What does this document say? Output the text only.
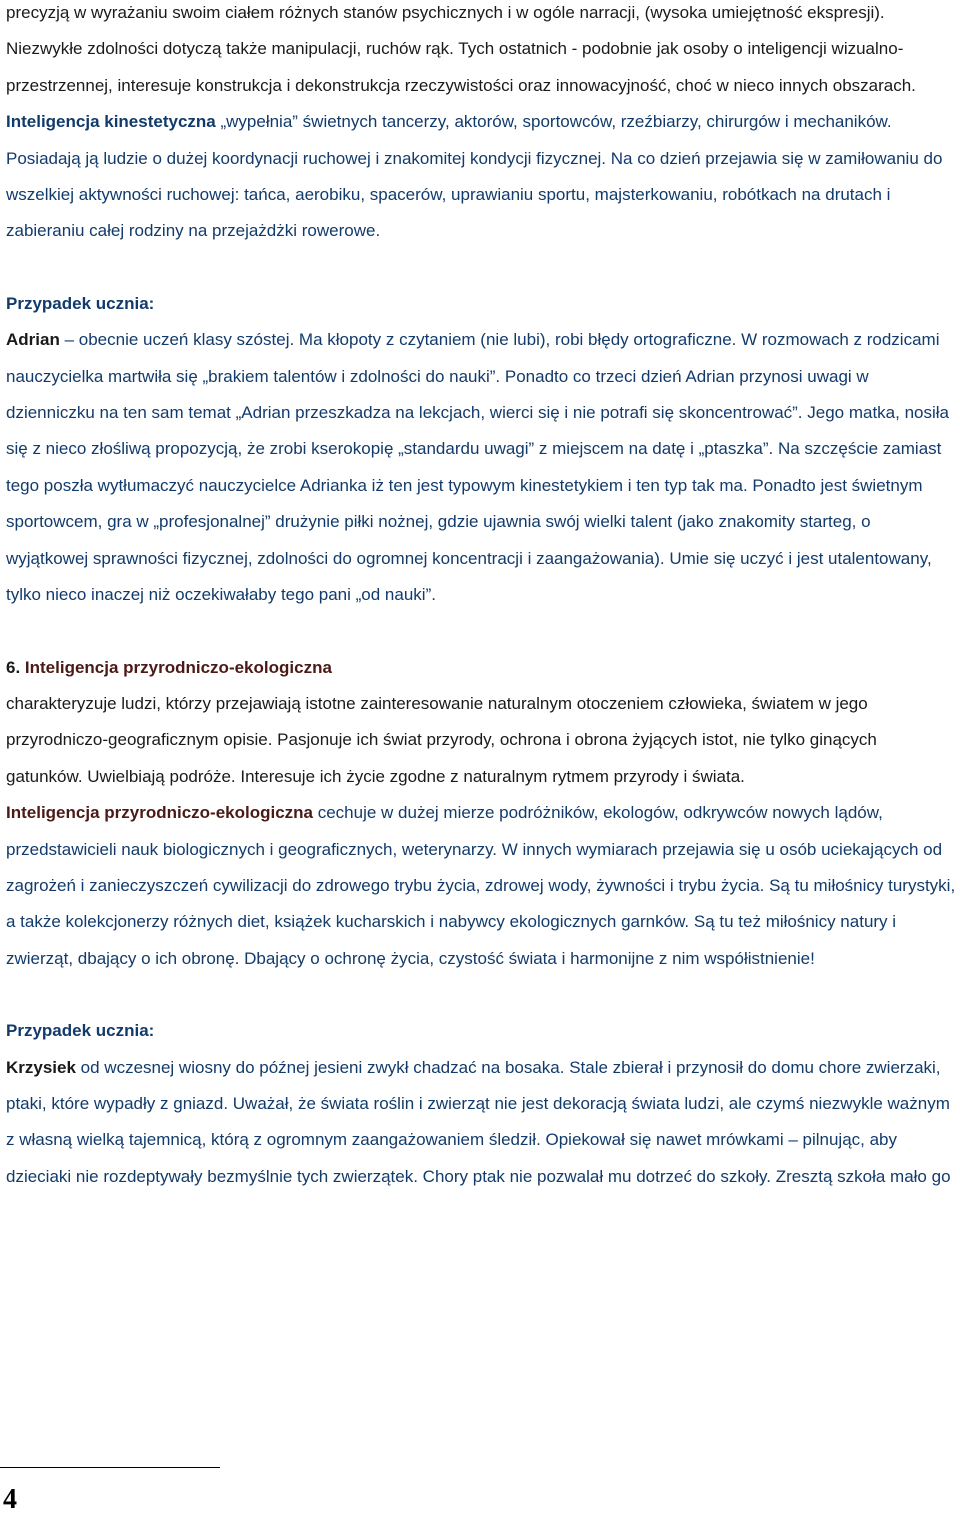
precyzją w wyrażaniu swoim ciałem różnych stanów psychicznych i w ogóle narracji, (wysoka umiejętność ekspresji). Niezwykłe zdolności dotyczą także manipulacji, ruchów rąk. Tych ostatnich - podobnie jak osoby o inteligencji wizualno-przestrzennej, interesuje konstrukcja i dekonstrukcja rzeczywistości oraz innowacyjność, choć w nieco innych obszarach.

Inteligencja kinestetyczna „wypełnia” świetnych tancerzy, aktorów, sportowców, rzeźbiarzy, chirurgów i mechaników. Posiadają ją ludzie o dużej koordynacji ruchowej i znakomitej kondycji fizycznej. Na co dzień przejawia się w zamiłowaniu do wszelkiej aktywności ruchowej: tańca, aerobiku, spacerów, uprawianiu sportu, majsterkowaniu, robótkach na drutach i zabieraniu całej rodziny na przejażdżki rowerowe.

Przypadek ucznia:

Adrian – obecnie uczeń klasy szóstej. Ma kłopoty z czytaniem (nie lubi), robi błędy ortograficzne. W rozmowach z rodzicami nauczycielka martwiła się „brakiem talentów i zdolności do nauki”. Ponadto co trzeci dzień Adrian przynosi uwagi w dzienniczku na ten sam temat „Adrian przeszkadza na lekcjach, wierci się i nie potrafi się skoncentrować”. Jego matka, nosiła się z nieco złośliwą propozycją, że zrobi kserokopię „standardu uwagi” z miejscem na datę i „ptaszka”. Na szczęście zamiast tego poszła wytłumaczyć nauczycielce Adrianka iż ten jest typowym kinestetykiem i ten typ tak ma. Ponadto jest świetnym sportowcem, gra w „profesjonalnej” drużynie piłki nożnej, gdzie ujawnia swój wielki talent (jako znakomity starteg, o wyjątkowej sprawności fizycznej, zdolności do ogromnej koncentracji i zaangażowania). Umie się uczyć i jest utalentowany, tylko nieco inaczej niż oczekiwałaby tego pani „od nauki”.

6. Inteligencja przyrodniczo-ekologiczna

charakteryzuje ludzi, którzy przejawiają istotne zainteresowanie naturalnym otoczeniem człowieka, światem w jego przyrodniczo-geograficznym opisie. Pasjonuje ich świat przyrody, ochrona i obrona żyjących istot, nie tylko ginących gatunków. Uwielbiają podróże. Interesuje ich życie zgodne z naturalnym rytmem przyrody i świata.

Inteligencja przyrodniczo-ekologiczna cechuje w dużej mierze podróżników, ekologów, odkrywców nowych lądów, przedstawicieli nauk biologicznych i geograficznych, weterynarzy. W innych wymiarach przejawia się u osób uciekających od zagrożeń i zanieczyszczeń cywilizacji do zdrowego trybu życia, zdrowej wody, żywności i trybu życia. Są tu miłośnicy turystyki, a także kolekcjonerzy różnych diet, książek kucharskich i nabywcy ekologicznych garnków. Są tu też miłośnicy natury i zwierząt, dbający o ich obronę. Dbający o ochronę życia, czystość świata i harmonijne z nim współistnienie!

Przypadek ucznia:

Krzysiek od wczesnej wiosny do późnej jesieni zwykł chadzać na bosaka. Stale zbierał i przynosił do domu chore zwierzaki, ptaki, które wypadły z gniazd. Uważał, że świata roślin i zwierząt nie jest dekoracją świata ludzi, ale czymś niezwykle ważnym z własną wielką tajemnicą, którą z ogromnym zaangażowaniem śledził. Opiekował się nawet mrówkami – pilnując, aby dzieciaki nie rozdeptywały bezmyślnie tych zwierzątek. Chory ptak nie pozwalał mu dotrzeć do szkoły. Zresztą szkoła mało go

4
